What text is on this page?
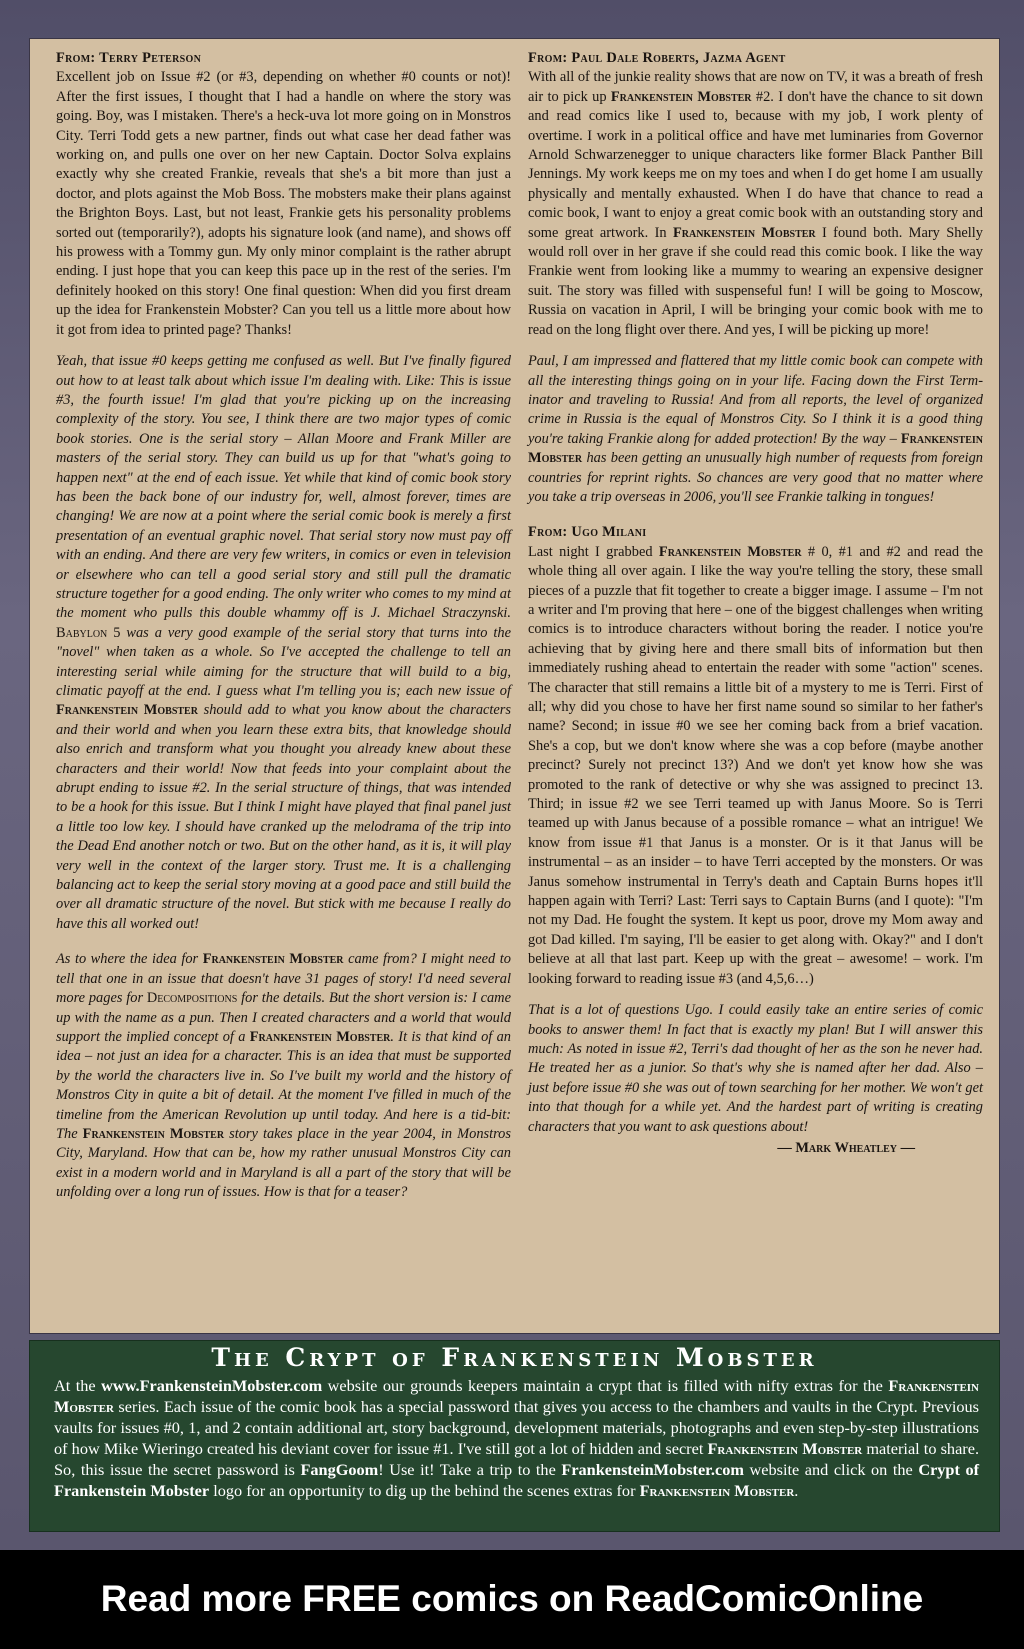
From: Terry Peterson
Excellent job on Issue #2 (or #3, depending on whether #0 counts or not)! After the first issues, I thought that I had a handle on where the story was going. Boy, was I mistaken. There's a heck-uva lot more going on in Monstros City. Terri Todd gets a new partner, finds out what case her dead father was working on, and pulls one over on her new Captain. Doctor Solva explains exactly why she created Frankie, reveals that she's a bit more than just a doctor, and plots against the Mob Boss. The mobsters make their plans against the Brighton Boys. Last, but not least, Frankie gets his personality problems sorted out (temporarily?), adopts his signature look (and name), and shows off his prowess with a Tommy gun. My only minor complaint is the rather abrupt ending. I just hope that you can keep this pace up in the rest of the series. I'm definitely hooked on this story! One final question: When did you first dream up the idea for Frankenstein Mobster? Can you tell us a little more about how it got from idea to printed page? Thanks!

Yeah, that issue #0 keeps getting me confused as well. But I've finally figured out how to at least talk about which issue I'm dealing with. Like: This is issue #3, the fourth issue! I'm glad that you're picking up on the increasing complexity of the story. You see, I think there are two major types of comic book stories. One is the serial story – Allan Moore and Frank Miller are masters of the serial story. They can build us up for that "what's going to happen next" at the end of each issue. Yet while that kind of comic book story has been the back bone of our industry for, well, almost forever, times are changing! We are now at a point where the serial comic book is merely a first presentation of an eventual graphic novel. That serial story now must pay off with an ending. And there are very few writers, in comics or even in television or elsewhere who can tell a good serial story and still pull the dramatic structure together for a good ending. The only writer who comes to my mind at the moment who pulls this double whammy off is J. Michael Straczynski. Babylon 5 was a very good example of the serial story that turns into the "novel" when taken as a whole. So I've accepted the challenge to tell an interesting serial while aiming for the structure that will build to a big, climatic payoff at the end. I guess what I'm telling you is; each new issue of Frankenstein Mobster should add to what you know about the characters and their world and when you learn these extra bits, that knowledge should also enrich and transform what you thought you already knew about these characters and their world! Now that feeds into your complaint about the abrupt ending to issue #2. In the serial structure of things, that was intended to be a hook for this issue. But I think I might have played that final panel just a little too low key. I should have cranked up the melodrama of the trip into the Dead End another notch or two. But on the other hand, as it is, it will play very well in the context of the larger story. Trust me. It is a challenging balancing act to keep the serial story moving at a good pace and still build the over all dramatic structure of the novel. But stick with me because I really do have this all worked out!

As to where the idea for Frankenstein Mobster came from? I might need to tell that one in an issue that doesn't have 31 pages of story! I'd need several more pages for Decompositions for the details. But the short version is: I came up with the name as a pun. Then I created characters and a world that would support the implied concept of a Frankenstein Mobster. It is that kind of an idea – not just an idea for a character. This is an idea that must be supported by the world the characters live in. So I've built my world and the history of Monstros City in quite a bit of detail. At the moment I've filled in much of the timeline from the American Revolution up until today. And here is a tid-bit: The Frankenstein Mobster story takes place in the year 2004, in Monstros City, Maryland. How that can be, how my rather unusual Monstros City can exist in a modern world and in Maryland is all a part of the story that will be unfolding over a long run of issues. How is that for a teaser?

From: Paul Dale Roberts, Jazma Agent
With all of the junkie reality shows that are now on TV, it was a breath of fresh air to pick up Frankenstein Mobster #2. I don't have the chance to sit down and read comics like I used to, because with my job, I work plenty of overtime. I work in a political office and have met luminaries from Governor Arnold Schwarzenegger to unique characters like former Black Panther Bill Jennings. My work keeps me on my toes and when I do get home I am usually physically and mentally exhausted. When I do have that chance to read a comic book, I want to enjoy a great comic book with an outstanding story and some great artwork. In Frankenstein Mobster I found both. Mary Shelly would roll over in her grave if she could read this comic book. I like the way Frankie went from looking like a mummy to wearing an expensive designer suit. The story was filled with suspenseful fun! I will be going to Moscow, Russia on vacation in April, I will be bringing your comic book with me to read on the long flight over there. And yes, I will be picking up more!

Paul, I am impressed and flattered that my little comic book can compete with all the interesting things going on in your life. Facing down the First Term-inator and traveling to Russia! And from all reports, the level of organized crime in Russia is the equal of Monstros City. So I think it is a good thing you're taking Frankie along for added protection! By the way – Frankenstein Mobster has been getting an unusually high number of requests from foreign countries for reprint rights. So chances are very good that no matter where you take a trip overseas in 2006, you'll see Frankie talking in tongues!

From: Ugo Milani
Last night I grabbed Frankenstein Mobster # 0, #1 and #2 and read the whole thing all over again. I like the way you're telling the story, these small pieces of a puzzle that fit together to create a bigger image. I assume – I'm not a writer and I'm proving that here – one of the biggest challenges when writing comics is to introduce characters without boring the reader. I notice you're achieving that by giving here and there small bits of information but then immediately rushing ahead to entertain the reader with some "action" scenes. The character that still remains a little bit of a mystery to me is Terri. First of all; why did you chose to have her first name sound so similar to her father's name? Second; in issue #0 we see her coming back from a brief vacation. She's a cop, but we don't know where she was a cop before (maybe another precinct? Surely not precinct 13?) And we don't yet know how she was promoted to the rank of detective or why she was assigned to precinct 13. Third; in issue #2 we see Terri teamed up with Janus Moore. So is Terri teamed up with Janus because of a possible romance – what an intrigue! We know from issue #1 that Janus is a monster. Or is it that Janus will be instrumental – as an insider – to have Terri accepted by the monsters. Or was Janus somehow instrumental in Terry's death and Captain Burns hopes it'll happen again with Terri? Last: Terri says to Captain Burns (and I quote): "I'm not my Dad. He fought the system. It kept us poor, drove my Mom away and got Dad killed. I'm saying, I'll be easier to get along with. Okay?" and I don't believe at all that last part. Keep up with the great – awesome! – work. I'm looking forward to reading issue #3 (and 4,5,6…)

That is a lot of questions Ugo. I could easily take an entire series of comic books to answer them! In fact that is exactly my plan! But I will answer this much: As noted in issue #2, Terri's dad thought of her as the son he never had. He treated her as a junior. So that's why she is named after her dad. Also – just before issue #0 she was out of town searching for her mother. We won't get into that though for a while yet. And the hardest part of writing is creating characters that you want to ask questions about!

— Mark Wheatley —

The Crypt of Frankenstein Mobster
At the www.FrankensteinMobster.com website our grounds keepers maintain a crypt that is filled with nifty extras for the Frankenstein Mobster series. Each issue of the comic book has a special password that gives you access to the chambers and vaults in the Crypt. Previous vaults for issues #0, 1, and 2 contain additional art, story background, development materials, photographs and even step-by-step illustrations of how Mike Wieringo created his deviant cover for issue #1. I've still got a lot of hidden and secret Frankenstein Mobster material to share. So, this issue the secret password is FangGoom! Use it! Take a trip to the FrankensteinMobster.com website and click on the Crypt of Frankenstein Mobster logo for an opportunity to dig up the behind the scenes extras for Frankenstein Mobster.
Read more FREE comics on ReadComicOnline
